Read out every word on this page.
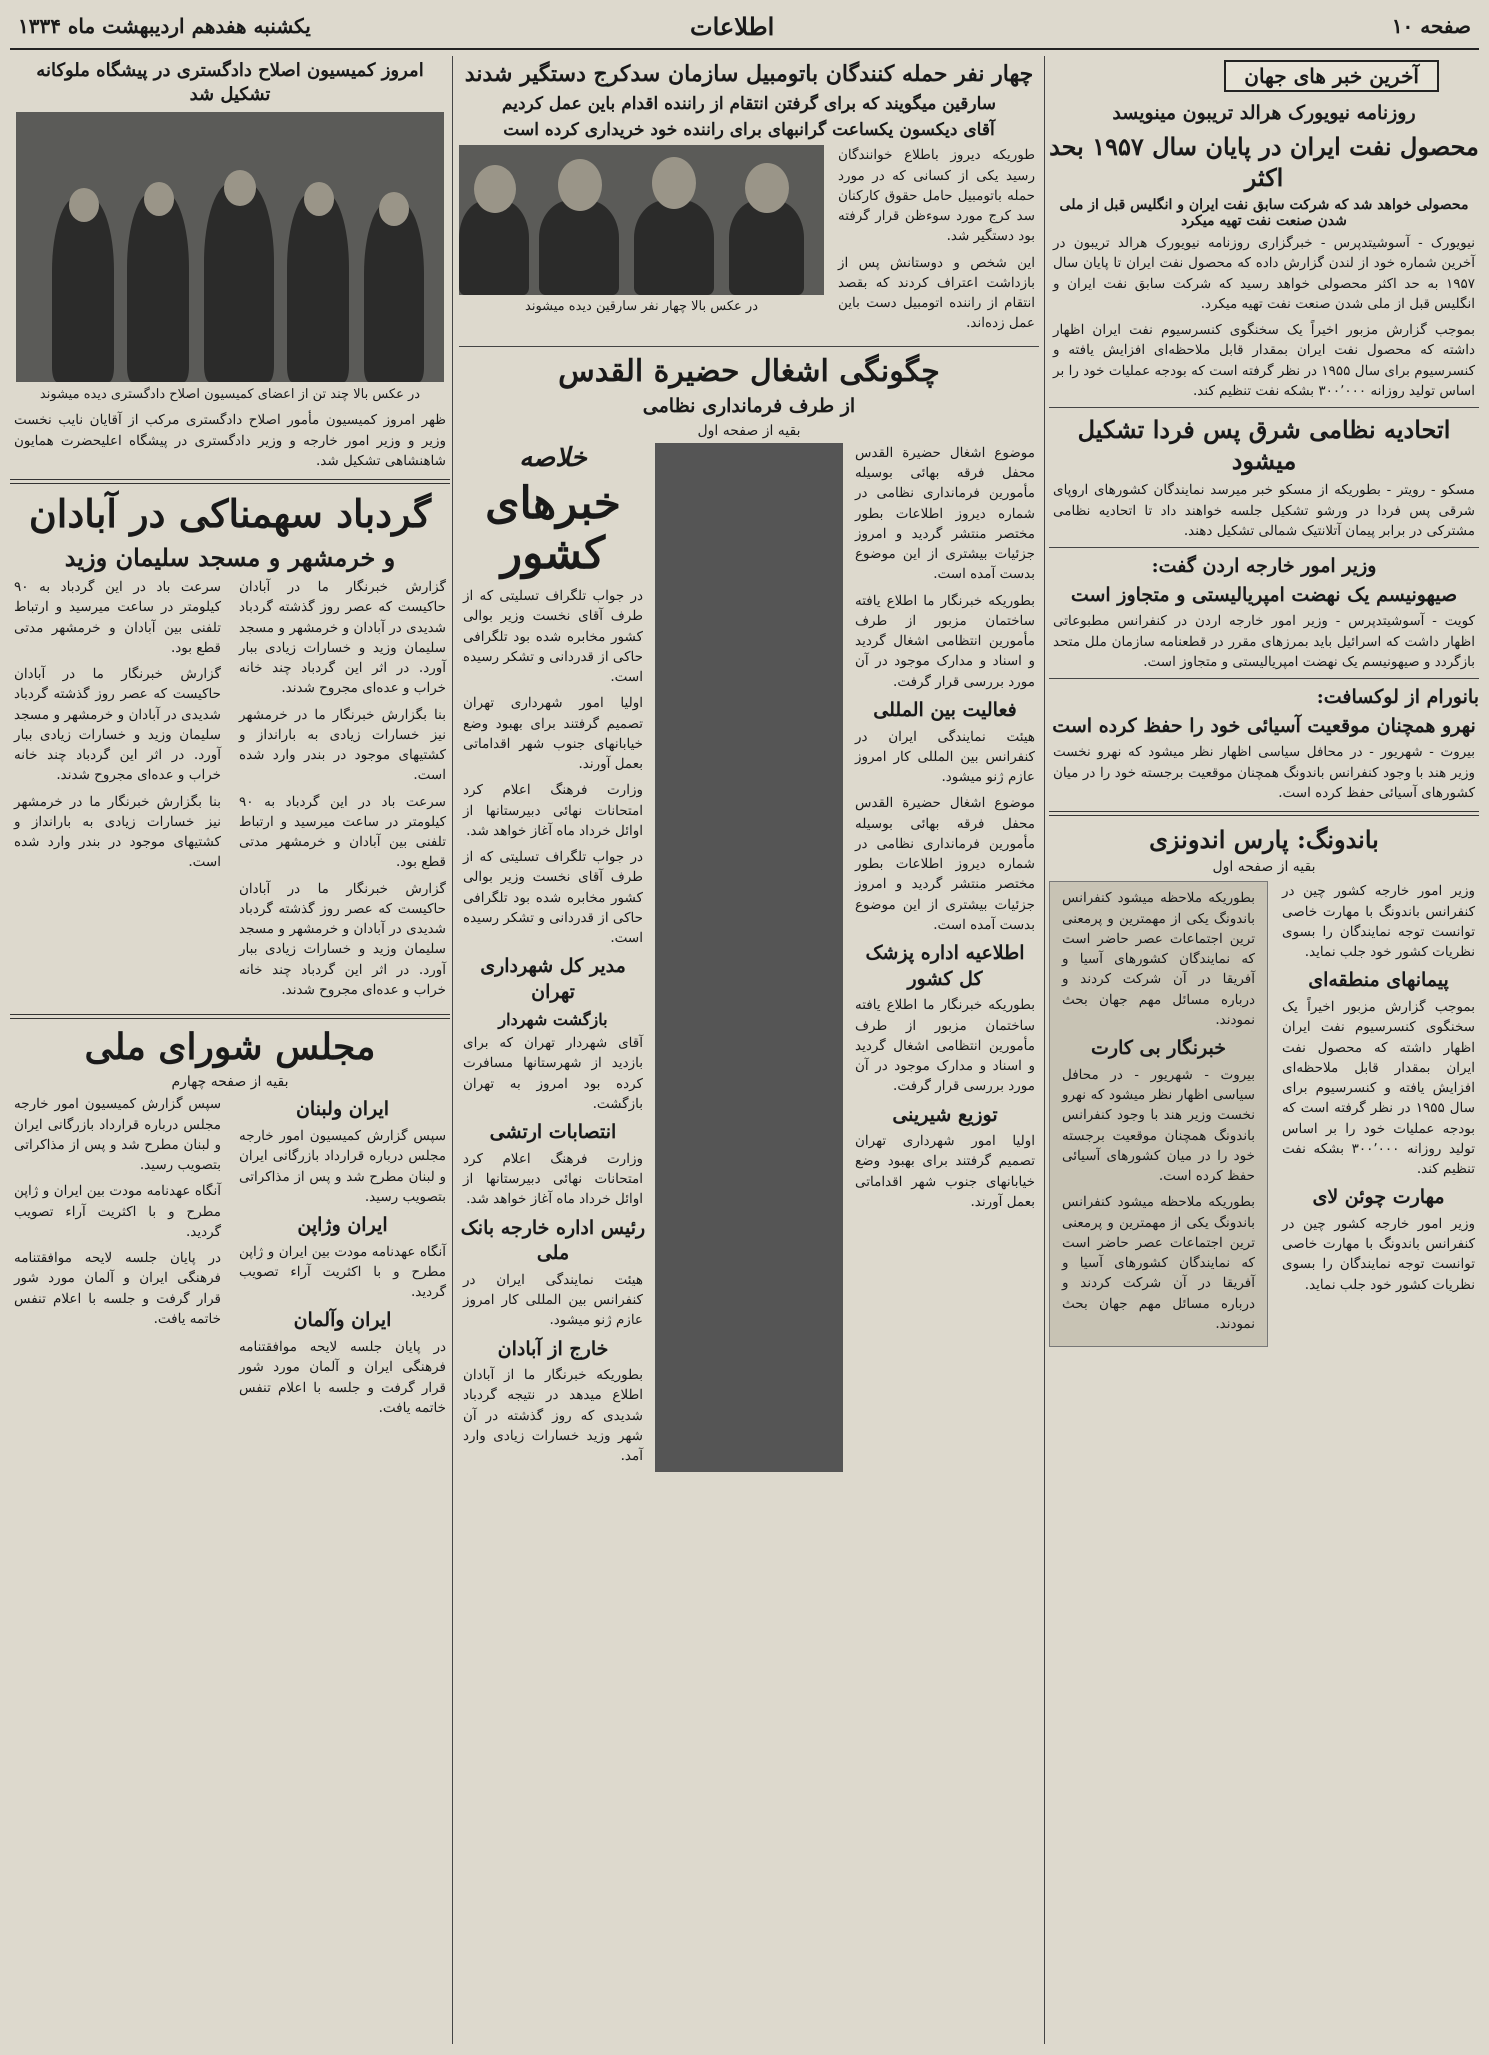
صفحه ۱۰
اطلاعات
یکشنبه هفدهم اردیبهشت ماه ۱۳۳۴
آخرین خبر های جهان
روزنامه نیویورک هرالد تریبون مینویسد
محصول نفت ایران در پایان سال ۱۹۵۷ بحد اکثر
محصولی خواهد شد که شرکت سابق نفت ایران و انگلیس قبل از ملی شدن صنعت نفت تهیه میکرد

نیویورک - آسوشیتدپرس - خبرگزاری روزنامه نیویورک هرالد تریبون در آخرین شماره خود از لندن گزارش داده که محصول نفت ایران تا پایان سال ۱۹۵۷ به حد اکثر محصولی خواهد رسید که شرکت سابق نفت ایران و انگلیس قبل از ملی شدن صنعت نفت تهیه میکرد.

بموجب گزارش مزبور اخیراً یک سخنگوی کنسرسیوم نفت ایران اظهار داشته که محصول نفت ایران بمقدار قابل ملاحظه‌ای افزایش یافته و کنسرسیوم برای سال ۱۹۵۵ در نظر گرفته است که بودجه عملیات خود را بر اساس تولید روزانه ۳۰۰٬۰۰۰ بشکه نفت تنظیم کند.

اتحادیه نظامی شرق پس فردا تشکیل میشود

مسکو - رویتر - بطوریکه از مسکو خبر میرسد نمایندگان کشورهای اروپای شرقی پس فردا در ورشو تشکیل جلسه خواهند داد تا اتحادیه نظامی مشترکی در برابر پیمان آتلانتیک شمالی تشکیل دهند.

وزیر امور خارجه اردن گفت:
صیهونیسم یک نهضت امپریالیستی و متجاوز است

کویت - آسوشیتدپرس - وزیر امور خارجه اردن در کنفرانس مطبوعاتی اظهار داشت که اسرائیل باید بمرزهای مقرر در قطعنامه سازمان ملل متحد بازگردد و صیهونیسم یک نهضت امپریالیستی و متجاوز است.

بانورام از لوکسافت:
نهرو همچنان موقعیت آسیائی خود را حفظ کرده است

بیروت - شهریور - در محافل سیاسی اظهار نظر میشود که نهرو نخست وزیر هند با وجود کنفرانس باندونگ همچنان موقعیت برجسته خود را در میان کشورهای آسیائی حفظ کرده است.

باندونگ: پارس اندونزی
بقیه از صفحه اول

وزیر امور خارجه کشور چین در کنفرانس باندونگ با مهارت خاصی توانست توجه نمایندگان را بسوی نظریات کشور خود جلب نماید.

پیمانهای منطقه‌ای

بموجب گزارش مزبور اخیراً یک سخنگوی کنسرسیوم نفت ایران اظهار داشته که محصول نفت ایران بمقدار قابل ملاحظه‌ای افزایش یافته و کنسرسیوم برای سال ۱۹۵۵ در نظر گرفته است که بودجه عملیات خود را بر اساس تولید روزانه ۳۰۰٬۰۰۰ بشکه نفت تنظیم کند.

مهارت چوئن لای

وزیر امور خارجه کشور چین در کنفرانس باندونگ با مهارت خاصی توانست توجه نمایندگان را بسوی نظریات کشور خود جلب نماید.

بطوریکه ملاحظه میشود کنفرانس باندونگ یکی از مهمترین و پرمعنی ترین اجتماعات عصر حاضر است که نمایندگان کشورهای آسیا و آفریقا در آن شرکت کردند و درباره مسائل مهم جهان بحث نمودند.

خبرنگار بی کارت

بیروت - شهریور - در محافل سیاسی اظهار نظر میشود که نهرو نخست وزیر هند با وجود کنفرانس باندونگ همچنان موقعیت برجسته خود را در میان کشورهای آسیائی حفظ کرده است.

بطوریکه ملاحظه میشود کنفرانس باندونگ یکی از مهمترین و پرمعنی ترین اجتماعات عصر حاضر است که نمایندگان کشورهای آسیا و آفریقا در آن شرکت کردند و درباره مسائل مهم جهان بحث نمودند.

چهار نفر حمله کنندگان باتومبیل سازمان سدکرج دستگیر شدند
سارقین میگویند که برای گرفتن انتقام از راننده اقدام باین عمل کردیم
آقای دیکسون یکساعت گرانبهای برای راننده خود خریداری کرده است

طوریکه دیروز باطلاع خوانندگان رسید یکی از کسانی که در مورد حمله باتومبیل حامل حقوق کارکنان سد کرج مورد سوءظن قرار گرفته بود دستگیر شد.

این شخص و دوستانش پس از بازداشت اعتراف کردند که بقصد انتقام از راننده اتومبیل دست باین عمل زده‌اند.

در عکس بالا چهار نفر سارقین دیده میشوند
چگونگی اشغال حضیرة القدس
از طرف فرمانداری نظامی
بقیه از صفحه اول

موضوع اشغال حضیرة القدس محفل فرقه بهائی بوسیله مأمورین فرمانداری نظامی در شماره دیروز اطلاعات بطور مختصر منتشر گردید و امروز جزئیات بیشتری از این موضوع بدست آمده است.

بطوریکه خبرنگار ما اطلاع یافته ساختمان مزبور از طرف مأمورین انتظامی اشغال گردید و اسناد و مدارک موجود در آن مورد بررسی قرار گرفت.

فعالیت بین المللی

هیئت نمایندگی ایران در کنفرانس بین المللی کار امروز عازم ژنو میشود.

موضوع اشغال حضیرة القدس محفل فرقه بهائی بوسیله مأمورین فرمانداری نظامی در شماره دیروز اطلاعات بطور مختصر منتشر گردید و امروز جزئیات بیشتری از این موضوع بدست آمده است.

اطلاعیه اداره پزشک کل کشور

بطوریکه خبرنگار ما اطلاع یافته ساختمان مزبور از طرف مأمورین انتظامی اشغال گردید و اسناد و مدارک موجود در آن مورد بررسی قرار گرفت.

توزیع شیرینی

اولیا امور شهرداری تهران تصمیم گرفتند برای بهبود وضع خیابانهای جنوب شهر اقداماتی بعمل آورند.

خلاصه
خبرهای کشور

در جواب تلگراف تسلیتی که از طرف آقای نخست وزیر بوالی کشور مخابره شده بود تلگرافی حاکی از قدردانی و تشکر رسیده است.

اولیا امور شهرداری تهران تصمیم گرفتند برای بهبود وضع خیابانهای جنوب شهر اقداماتی بعمل آورند.

وزارت فرهنگ اعلام کرد امتحانات نهائی دبیرستانها از اوائل خرداد ماه آغاز خواهد شد.

در جواب تلگراف تسلیتی که از طرف آقای نخست وزیر بوالی کشور مخابره شده بود تلگرافی حاکی از قدردانی و تشکر رسیده است.

مدیر کل شهرداری تهران
بازگشت شهردار

آقای شهردار تهران که برای بازدید از شهرستانها مسافرت کرده بود امروز به تهران بازگشت.

انتصابات ارتشی

وزارت فرهنگ اعلام کرد امتحانات نهائی دبیرستانها از اوائل خرداد ماه آغاز خواهد شد.

رئیس اداره خارجه بانک ملی

هیئت نمایندگی ایران در کنفرانس بین المللی کار امروز عازم ژنو میشود.

خارج از آبادان

بطوریکه خبرنگار ما از آبادان اطلاع میدهد در نتیجه گردباد شدیدی که روز گذشته در آن شهر وزید خسارات زیادی وارد آمد.

امروز کمیسیون اصلاح دادگستری در پیشگاه ملوکانه تشکیل شد
در عکس بالا چند تن از اعضای کمیسیون اصلاح دادگستری دیده میشوند

ظهر امروز کمیسیون مأمور اصلاح دادگستری مرکب از آقایان نایب نخست وزیر و وزیر امور خارجه و وزیر دادگستری در پیشگاه اعلیحضرت همایون شاهنشاهی تشکیل شد.

گردباد سهمناکی در آبادان
و خرمشهر و مسجد سلیمان وزید

گزارش خبرنگار ما در آبادان حاکیست که عصر روز گذشته گردباد شدیدی در آبادان و خرمشهر و مسجد سلیمان وزید و خسارات زیادی ببار آورد. در اثر این گردباد چند خانه خراب و عده‌ای مجروح شدند.

بنا بگزارش خبرنگار ما در خرمشهر نیز خسارات زیادی به بارانداز و کشتیهای موجود در بندر وارد شده است.

سرعت باد در این گردباد به ۹۰ کیلومتر در ساعت میرسید و ارتباط تلفنی بین آبادان و خرمشهر مدتی قطع بود.

گزارش خبرنگار ما در آبادان حاکیست که عصر روز گذشته گردباد شدیدی در آبادان و خرمشهر و مسجد سلیمان وزید و خسارات زیادی ببار آورد. در اثر این گردباد چند خانه خراب و عده‌ای مجروح شدند.

سرعت باد در این گردباد به ۹۰ کیلومتر در ساعت میرسید و ارتباط تلفنی بین آبادان و خرمشهر مدتی قطع بود.

گزارش خبرنگار ما در آبادان حاکیست که عصر روز گذشته گردباد شدیدی در آبادان و خرمشهر و مسجد سلیمان وزید و خسارات زیادی ببار آورد. در اثر این گردباد چند خانه خراب و عده‌ای مجروح شدند.

بنا بگزارش خبرنگار ما در خرمشهر نیز خسارات زیادی به بارانداز و کشتیهای موجود در بندر وارد شده است.

مجلس شورای ملی
بقیه از صفحه چهارم
ایران ولبنان

سپس گزارش کمیسیون امور خارجه مجلس درباره قرارداد بازرگانی ایران و لبنان مطرح شد و پس از مذاکراتی بتصویب رسید.

ایران وژاپن

آنگاه عهدنامه مودت بین ایران و ژاپن مطرح و با اکثریت آراء تصویب گردید.

ایران وآلمان

در پایان جلسه لایحه موافقتنامه فرهنگی ایران و آلمان مورد شور قرار گرفت و جلسه با اعلام تنفس خاتمه یافت.

سپس گزارش کمیسیون امور خارجه مجلس درباره قرارداد بازرگانی ایران و لبنان مطرح شد و پس از مذاکراتی بتصویب رسید.

آنگاه عهدنامه مودت بین ایران و ژاپن مطرح و با اکثریت آراء تصویب گردید.

در پایان جلسه لایحه موافقتنامه فرهنگی ایران و آلمان مورد شور قرار گرفت و جلسه با اعلام تنفس خاتمه یافت.
